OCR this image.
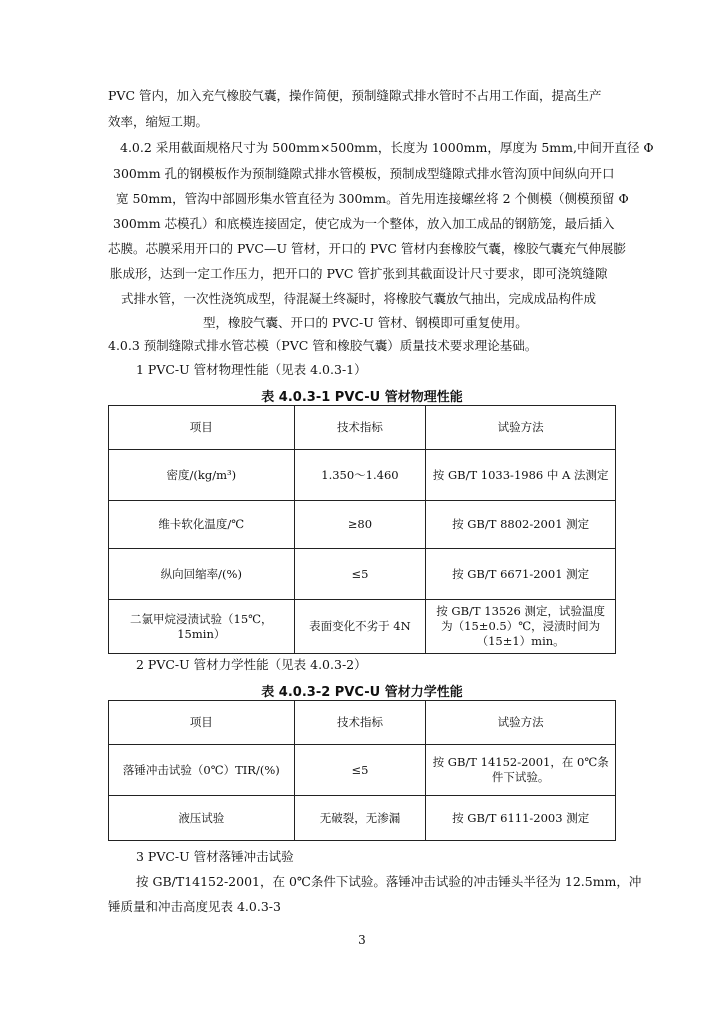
PVC 管内，加入充气橡胶气囊，操作简便，预制缝隙式排水管时不占用工作面，提高生产
效率，缩短工期。
4.0.2 采用截面规格尺寸为 500mm×500mm，长度为 1000mm，厚度为 5mm,中间开直径 Φ
300mm 孔的钢模板作为预制缝隙式排水管模板，预制成型缝隙式排水管沟顶中间纵向开口
宽 50mm，管沟中部圆形集水管直径为 300mm。首先用连接螺丝将 2 个侧模（侧模预留 Φ
300mm 芯模孔）和底模连接固定，使它成为一个整体，放入加工成品的钢筋笼，最后插入
芯膜。芯膜采用开口的 PVC—U 管材，开口的 PVC 管材内套橡胶气囊，橡胶气囊充气伸展膨
胀成形，达到一定工作压力，把开口的 PVC 管扩张到其截面设计尺寸要求，即可浇筑缝隙
式排水管，一次性浇筑成型，待混凝土终凝时，将橡胶气囊放气抽出，完成成品构件成
型，橡胶气囊、开口的 PVC-U 管材、钢模即可重复使用。
4.0.3 预制缝隙式排水管芯模（PVC 管和橡胶气囊）质量技术要求理论基础。
1 PVC-U 管材物理性能（见表 4.0.3-1）
表 4.0.3-1 PVC-U 管材物理性能
项目	技术指标	试验方法
密度/(kg/m³)	1.350～1.460	按 GB/T 1033-1986 中 A 法测定
维卡软化温度/℃	≥80	按 GB/T 8802-2001 测定
纵向回缩率/(%)	≤5	按 GB/T 6671-2001 测定
二氯甲烷浸渍试验（15℃，15min）	表面变化不劣于 4N	按 GB/T 13526 测定，试验温度为（15±0.5）℃，浸渍时间为（15±1）min。
2 PVC-U 管材力学性能（见表 4.0.3-2）
表 4.0.3-2 PVC-U 管材力学性能
项目	技术指标	试验方法
落锤冲击试验（0℃）TIR/(%)	≤5	按 GB/T 14152-2001，在 0℃条件下试验。
液压试验	无破裂，无渗漏	按 GB/T 6111-2003 测定
3 PVC-U 管材落锤冲击试验
按 GB/T14152-2001，在 0℃条件下试验。落锤冲击试验的冲击锤头半径为 12.5mm，冲
锤质量和冲击高度见表 4.0.3-3
3
